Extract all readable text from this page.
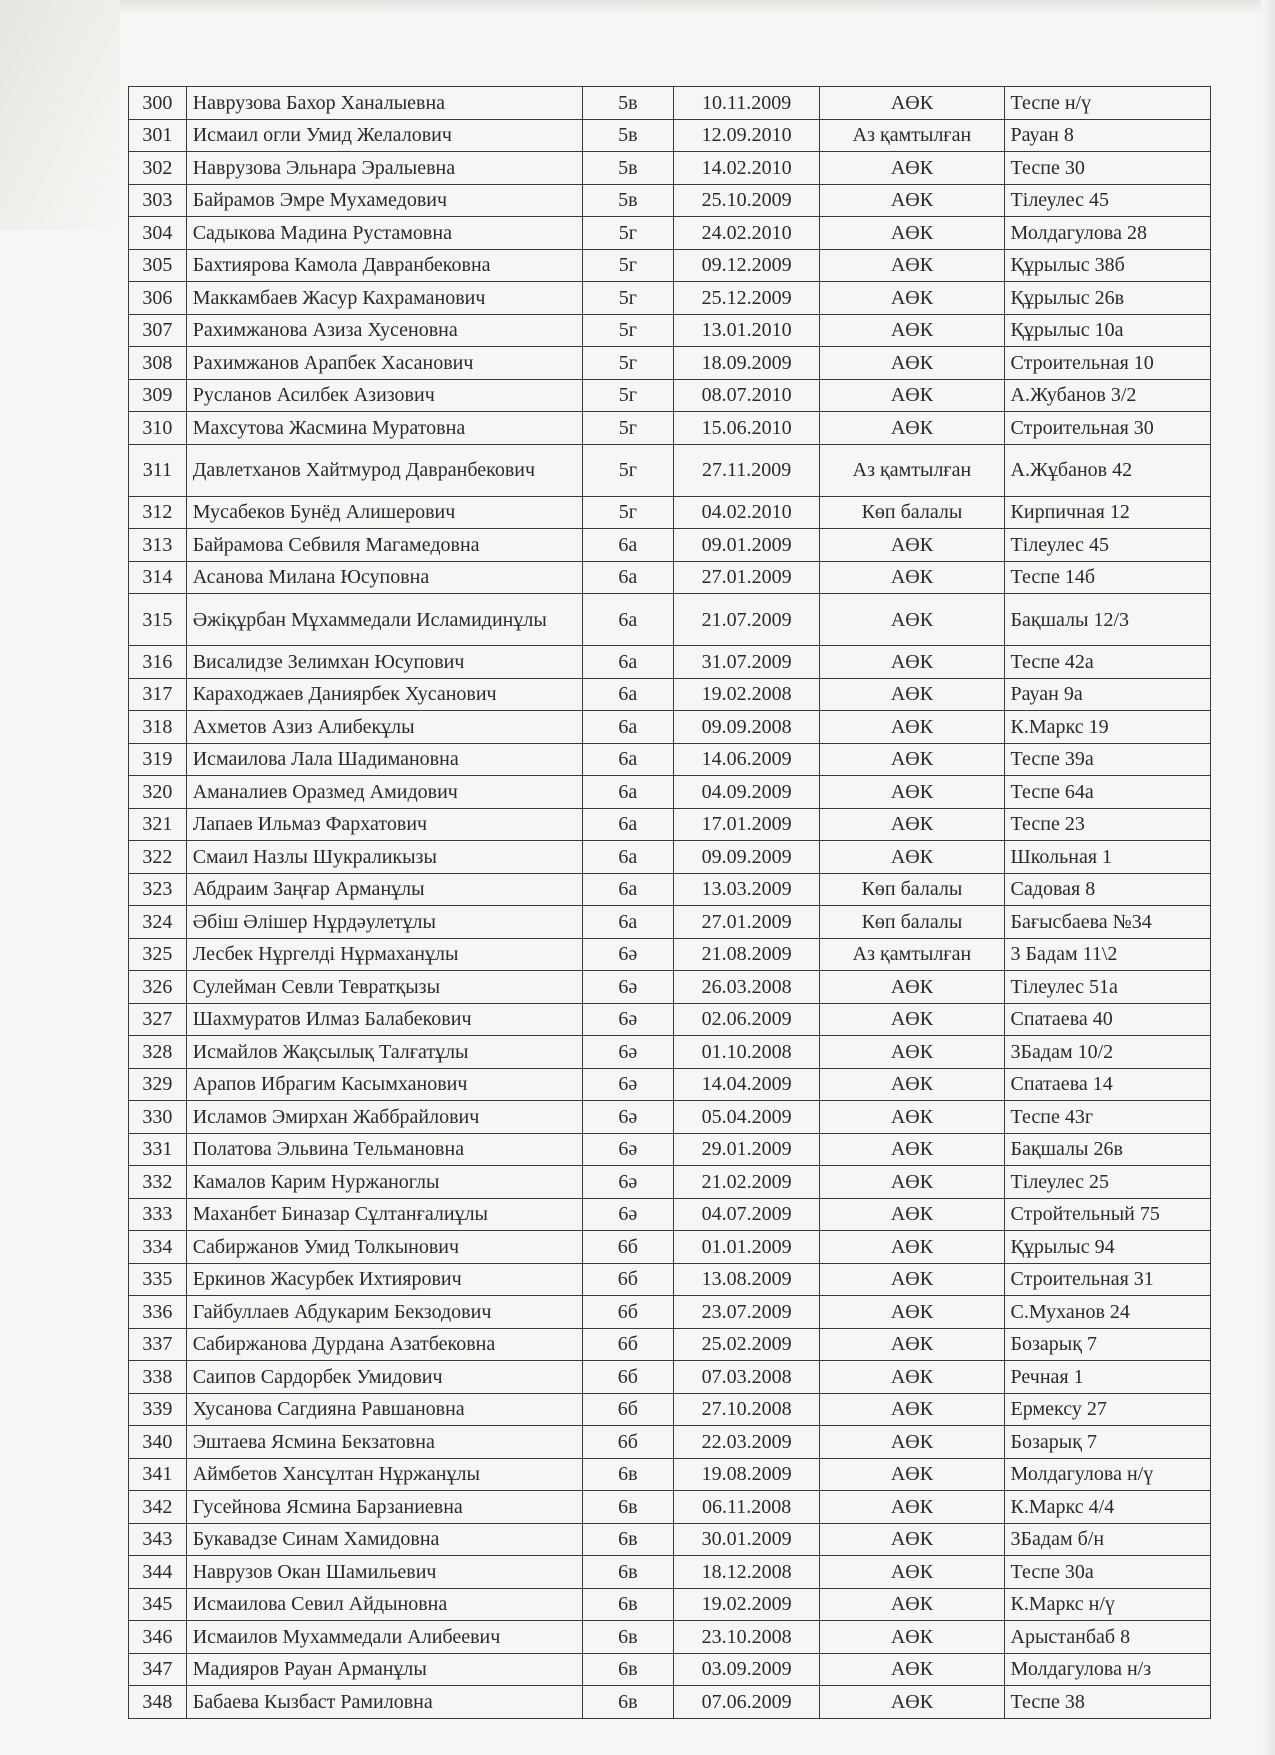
300	Наврузова Бахор Ханалыевна	5в	10.11.2009	АӨК	Теспе н/ү
301	Исмаил огли Умид Желалович	5в	12.09.2010	Аз қамтылған	Рауан 8
302	Наврузова Эльнара Эралыевна	5в	14.02.2010	АӨК	Теспе 30
303	Байрамов Эмре Мухамедович	5в	25.10.2009	АӨК	Тілеулес 45
304	Садыкова Мадина Рустамовна	5г	24.02.2010	АӨК	Молдагулова 28
305	Бахтиярова Камола Давранбековна	5г	09.12.2009	АӨК	Құрылыс 38б
306	Маккамбаев Жасур Кахраманович	5г	25.12.2009	АӨК	Құрылыс 26в
307	Рахимжанова Азиза Хусеновна	5г	13.01.2010	АӨК	Құрылыс 10а
308	Рахимжанов Арапбек Хасанович	5г	18.09.2009	АӨК	Строительная 10
309	Русланов Асилбек Азизович	5г	08.07.2010	АӨК	А.Жубанов 3/2
310	Махсутова Жасмина Муратовна	5г	15.06.2010	АӨК	Строительная 30
311	Давлетханов Хайтмурод Давранбекович	5г	27.11.2009	Аз қамтылған	А.Жұбанов 42
312	Мусабеков Бунёд Алишерович	5г	04.02.2010	Көп балалы	Кирпичная 12
313	Байрамова Себвиля Магамедовна	6а	09.01.2009	АӨК	Тілеулес 45
314	Асанова Милана Юсуповна	6а	27.01.2009	АӨК	Теспе 14б
315	Әжіқұрбан Мұхаммедали Исламидинұлы	6а	21.07.2009	АӨК	Бақшалы 12/3
316	Висалидзе Зелимхан Юсупович	6а	31.07.2009	АӨК	Теспе 42а
317	Караходжаев Даниярбек Хусанович	6а	19.02.2008	АӨК	Рауан 9а
318	Ахметов Азиз Алибекұлы	6а	09.09.2008	АӨК	К.Маркс 19
319	Исмаилова Лала Шадимановна	6а	14.06.2009	АӨК	Теспе 39а
320	Аманалиев Оразмед Амидович	6а	04.09.2009	АӨК	Теспе 64а
321	Лапаев Ильмаз Фархатович	6а	17.01.2009	АӨК	Теспе 23
322	Смаил Назлы Шукраликызы	6а	09.09.2009	АӨК	Школьная 1
323	Абдраим Заңғар Арманұлы	6а	13.03.2009	Көп балалы	Садовая 8
324	Әбіш Әлішер Нұрдәулетұлы	6а	27.01.2009	Көп балалы	Бағысбаева №34
325	Лесбек Нұргелді Нұрмаханұлы	6ә	21.08.2009	Аз қамтылған	3 Бадам 11\2
326	Сулейман Севли Тевратқызы	6ә	26.03.2008	АӨК	Тілеулес 51а
327	Шахмуратов Илмаз Балабекович	6ә	02.06.2009	АӨК	Спатаева 40
328	Исмайлов Жақсылық Талғатұлы	6ә	01.10.2008	АӨК	3Бадам 10/2
329	Арапов Ибрагим Касымханович	6ә	14.04.2009	АӨК	Спатаева 14
330	Исламов Эмирхан Жаббрайлович	6ә	05.04.2009	АӨК	Теспе 43г
331	Полатова Эльвина Тельмановна	6ә	29.01.2009	АӨК	Бақшалы 26в
332	Камалов Карим Нуржаноглы	6ә	21.02.2009	АӨК	Тілеулес 25
333	Маханбет Биназар Сұлтанғалиұлы	6ә	04.07.2009	АӨК	Стройтельный 75
334	Сабиржанов Умид Толкынович	6б	01.01.2009	АӨК	Құрылыс 94
335	Еркинов Жасурбек Ихтиярович	6б	13.08.2009	АӨК	Строительная 31
336	Гайбуллаев Абдукарим Бекзодович	6б	23.07.2009	АӨК	С.Муханов 24
337	Сабиржанова Дурдана Азатбековна	6б	25.02.2009	АӨК	Бозарық 7
338	Саипов Сардорбек Умидович	6б	07.03.2008	АӨК	Речная 1
339	Хусанова Сагдияна Равшановна	6б	27.10.2008	АӨК	Ермексу 27
340	Эштаева Ясмина Бекзатовна	6б	22.03.2009	АӨК	Бозарық 7
341	Аймбетов Хансұлтан Нұржанұлы	6в	19.08.2009	АӨК	Молдагулова н/ү
342	Гусейнова Ясмина Барзаниевна	6в	06.11.2008	АӨК	К.Маркс 4/4
343	Букавадзе Синам Хамидовна	6в	30.01.2009	АӨК	3Бадам б/н
344	Наврузов Окан Шамильевич	6в	18.12.2008	АӨК	Теспе 30а
345	Исмаилова Севил Айдыновна	6в	19.02.2009	АӨК	К.Маркс н/ү
346	Исмаилов Мухаммедали Алибеевич	6в	23.10.2008	АӨК	Арыстанбаб 8
347	Мадияров Рауан Арманұлы	6в	03.09.2009	АӨК	Молдагулова н/з
348	Бабаева Кызбаст Рамиловна	6в	07.06.2009	АӨК	Теспе 38
